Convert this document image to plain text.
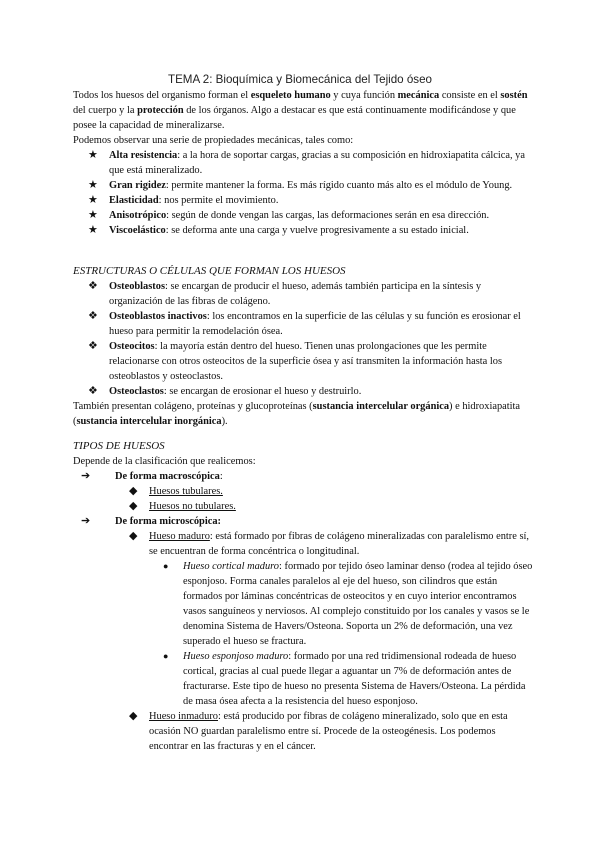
TEMA 2: Bioquímica y Biomecánica del Tejido óseo

Todos los huesos del organismo forman el esqueleto humano y cuya función mecánica consiste en el sostén del cuerpo y la protección de los órganos. Algo a destacar es que está continuamente modificándose y que posee la capacidad de mineralizarse.

Podemos observar una serie de propiedades mecánicas, tales como:

★ Alta resistencia: a la hora de soportar cargas, gracias a su composición en hidroxiapatita cálcica, ya que está mineralizado.
★ Gran rigidez: permite mantener la forma. Es más rígido cuanto más alto es el módulo de Young.
★ Elasticidad: nos permite el movimiento.
★ Anisotrópico: según de donde vengan las cargas, las deformaciones serán en esa dirección.
★ Viscoelástico: se deforma ante una carga y vuelve progresivamente a su estado inicial.

ESTRUCTURAS O CÉLULAS QUE FORMAN LOS HUESOS

❖ Osteoblastos: se encargan de producir el hueso, además también participa en la síntesis y organización de las fibras de colágeno.
❖ Osteoblastos inactivos: los encontramos en la superficie de las células y su función es erosionar el hueso para permitir la remodelación ósea.
❖ Osteocitos: la mayoría están dentro del hueso. Tienen unas prolongaciones que les permite relacionarse con otros osteocitos de la superficie ósea y así transmiten la información hasta los osteoblastos y osteoclastos.
❖ Osteoclastos: se encargan de erosionar el hueso y destruirlo.

También presentan colágeno, proteínas y glucoproteínas (sustancia intercelular orgánica) e hidroxiapatita (sustancia intercelular inorgánica).

TIPOS DE HUESOS

Depende de la clasificación que realicemos:

➔ De forma macroscópica:
◆ Huesos tubulares.
◆ Huesos no tubulares.
➔ De forma microscópica:
◆ Hueso maduro: está formado por fibras de colágeno mineralizadas con paralelismo entre sí, se encuentran de forma concéntrica o longitudinal.
● Hueso cortical maduro: formado por tejido óseo laminar denso (rodea al tejido óseo esponjoso. Forma canales paralelos al eje del hueso, son cilindros que están formados por láminas concéntricas de osteocitos y en cuyo interior encontramos vasos sanguíneos y nerviosos. Al complejo constituido por los canales y vasos se le denomina Sistema de Havers/Osteona. Soporta un 2% de deformación, una vez superado el hueso se fractura.
● Hueso esponjoso maduro: formado por una red tridimensional rodeada de hueso cortical, gracias al cual puede llegar a aguantar un 7% de deformación antes de fracturarse. Este tipo de hueso no presenta Sistema de Havers/Osteona. La pérdida de masa ósea afecta a la resistencia del hueso esponjoso.
◆ Hueso inmaduro: está producido por fibras de colágeno mineralizado, solo que en esta ocasión NO guardan paralelismo entre sí. Procede de la osteogénesis. Los podemos encontrar en las fracturas y en el cáncer.
